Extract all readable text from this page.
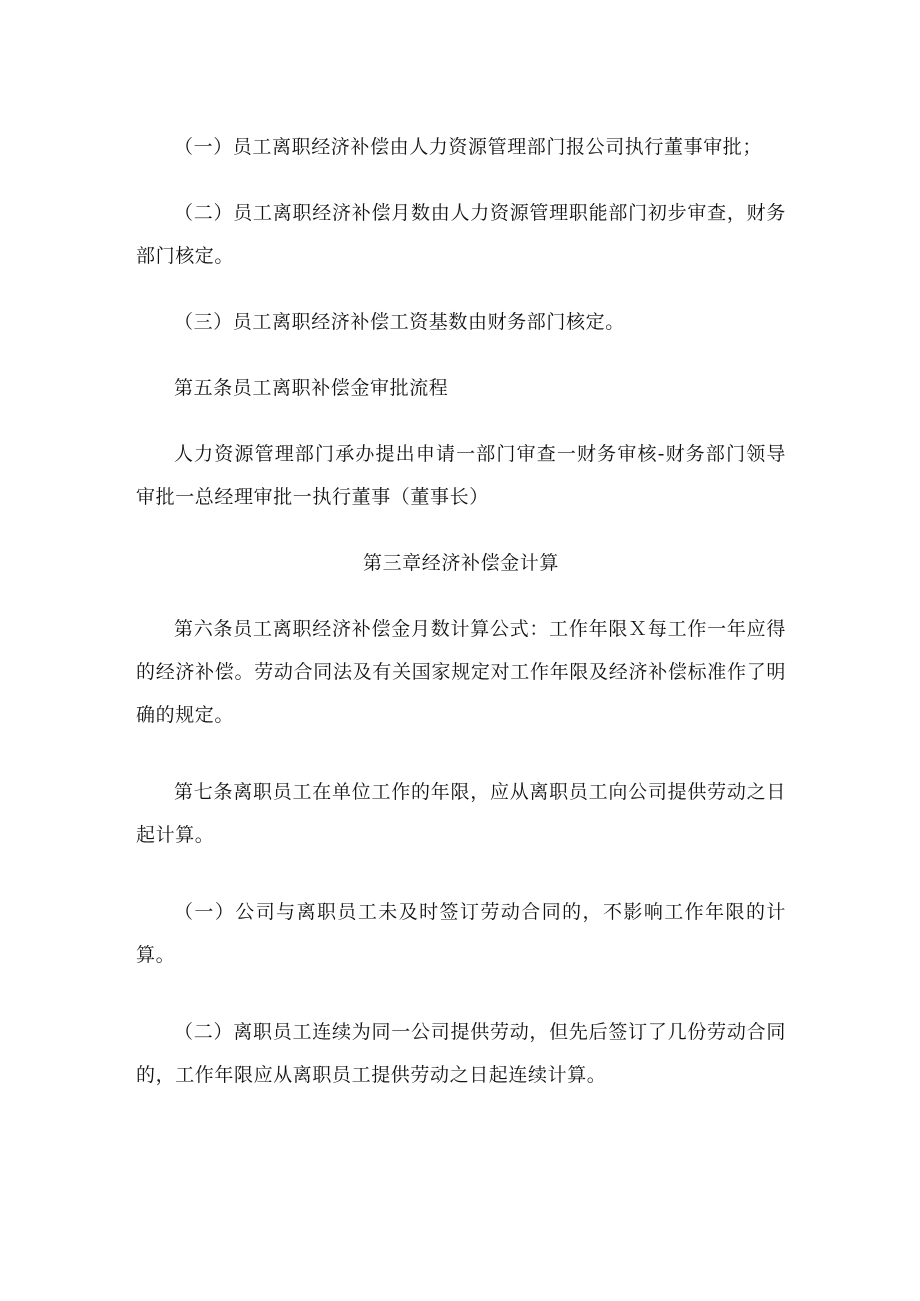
（一）员工离职经济补偿由人力资源管理部门报公司执行董事审批；

（二）员工离职经济补偿月数由人力资源管理职能部门初步审查，财务部门核定。

（三）员工离职经济补偿工资基数由财务部门核定。

第五条员工离职补偿金审批流程

人力资源管理部门承办提出申请一部门审查一财务审核-财务部门领导审批一总经理审批一执行董事（董事长）

第三章经济补偿金计算

第六条员工离职经济补偿金月数计算公式：工作年限Ｘ每工作一年应得的经济补偿。劳动合同法及有关国家规定对工作年限及经济补偿标准作了明确的规定。

第七条离职员工在单位工作的年限，应从离职员工向公司提供劳动之日起计算。

（一）公司与离职员工未及时签订劳动合同的，不影响工作年限的计算。

（二）离职员工连续为同一公司提供劳动，但先后签订了几份劳动合同的，工作年限应从离职员工提供劳动之日起连续计算。
